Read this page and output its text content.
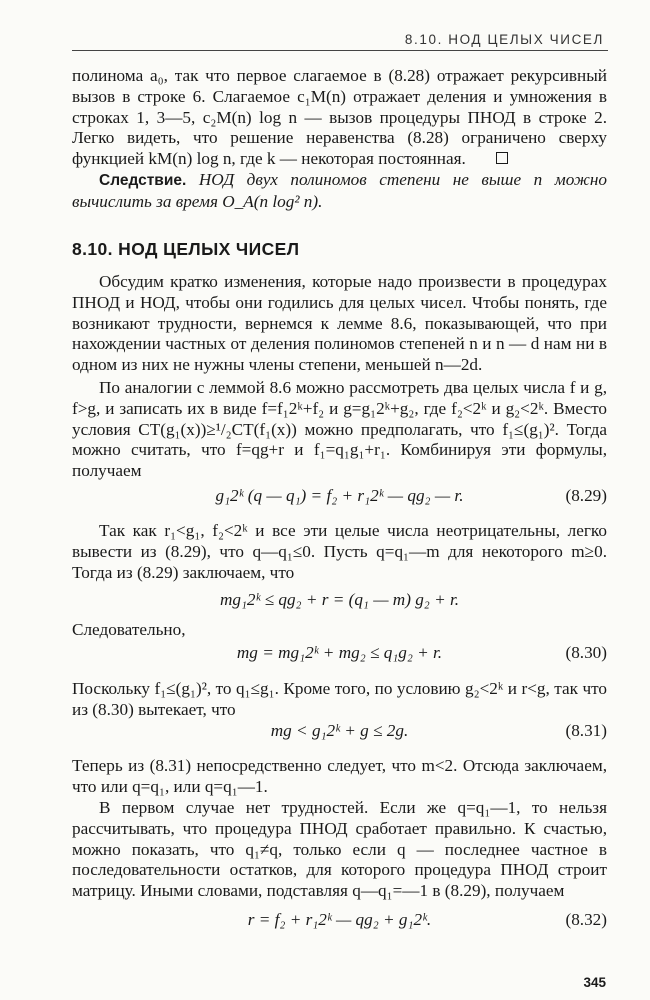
8.10. НОД ЦЕЛЫХ ЧИСЕЛ

полинома a₀, так что первое слагаемое в (8.28) отражает рекурсивный вызов в строке 6. Слагаемое c₁M(n) отражает деления и умножения в строках 1, 3—5, c₂M(n) log n — вызов процедуры ПНОД в строке 2. Легко видеть, что решение неравенства (8.28) ограничено сверху функцией kM(n) log n, где k — некоторая постоянная.

Следствие. НОД двух полиномов степени не выше n можно вычислить за время O_A(n log² n).

8.10. НОД ЦЕЛЫХ ЧИСЕЛ

Обсудим кратко изменения, которые надо произвести в процедурах ПНОД и НОД, чтобы они годились для целых чисел. Чтобы понять, где возникают трудности, вернемся к лемме 8.6, показывающей, что при нахождении частных от деления полиномов степеней n и n — d нам ни в одном из них не нужны члены степени, меньшей n—2d.

По аналогии с леммой 8.6 можно рассмотреть два целых числа f и g, f>g, и записать их в виде f=f₁2ᵏ+f₂ и g=g₁2ᵏ+g₂, где f₂<2ᵏ и g₂<2ᵏ. Вместо условия CT(g₁(x))≥¹/₂CT(f₁(x)) можно предполагать, что f₁≤(g₁)². Тогда можно считать, что f=qg+r и f₁=q₁g₁+r₁. Комбинируя эти формулы, получаем

g₁2ᵏ (q — q₁) = f₂ + r₁2ᵏ — qg₂ — r.	(8.29)

Так как r₁<g₁, f₂<2ᵏ и все эти целые числа неотрицательны, легко вывести из (8.29), что q—q₁≤0. Пусть q=q₁—m для некоторого m≥0. Тогда из (8.29) заключаем, что

mg₁2ᵏ ≤ qg₂ + r = (q₁ — m) g₂ + r.

Следовательно,

mg = mg₁2ᵏ + mg₂ ≤ q₁g₂ + r.	(8.30)

Поскольку f₁≤(g₁)², то q₁≤g₁. Кроме того, по условию g₂<2ᵏ и r<g, так что из (8.30) вытекает, что

mg < g₁2ᵏ + g ≤ 2g.	(8.31)

Теперь из (8.31) непосредственно следует, что m<2. Отсюда заключаем, что или q=q₁, или q=q₁—1.

В первом случае нет трудностей. Если же q=q₁—1, то нельзя рассчитывать, что процедура ПНОД сработает правильно. К счастью, можно показать, что q₁≠q, только если q — последнее частное в последовательности остатков, для которого процедура ПНОД строит матрицу. Иными словами, подставляя q—q₁=—1 в (8.29), получаем

r = f₂ + r₁2ᵏ — qg₂ + g₁2ᵏ.	(8.32)
345
